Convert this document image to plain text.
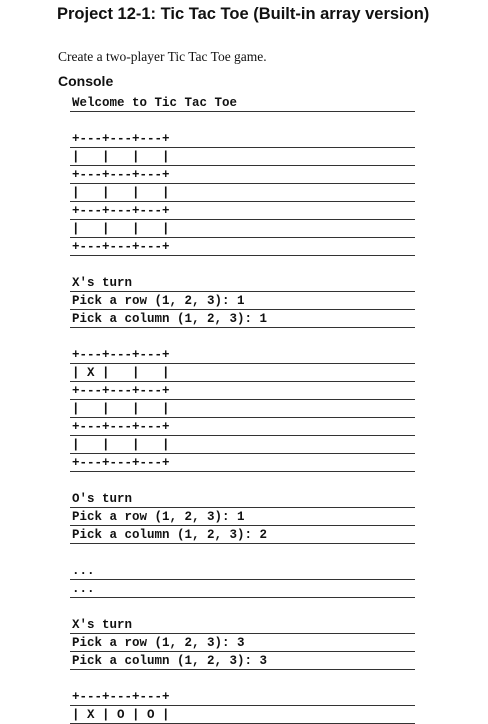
Project 12-1: Tic Tac Toe (Built-in array version)
Create a two-player Tic Tac Toe game.
Console
Welcome to Tic Tac Toe
+---+---+---+
|   |   |   |
+---+---+---+
|   |   |   |
+---+---+---+
|   |   |   |
+---+---+---+
X's turn
Pick a row (1, 2, 3): 1
Pick a column (1, 2, 3): 1
+---+---+---+
| X |   |   |
+---+---+---+
|   |   |   |
+---+---+---+
|   |   |   |
+---+---+---+
O's turn
Pick a row (1, 2, 3): 1
Pick a column (1, 2, 3): 2
...
...
X's turn
Pick a row (1, 2, 3): 3
Pick a column (1, 2, 3): 3
+---+---+---+
| X | O | O |
